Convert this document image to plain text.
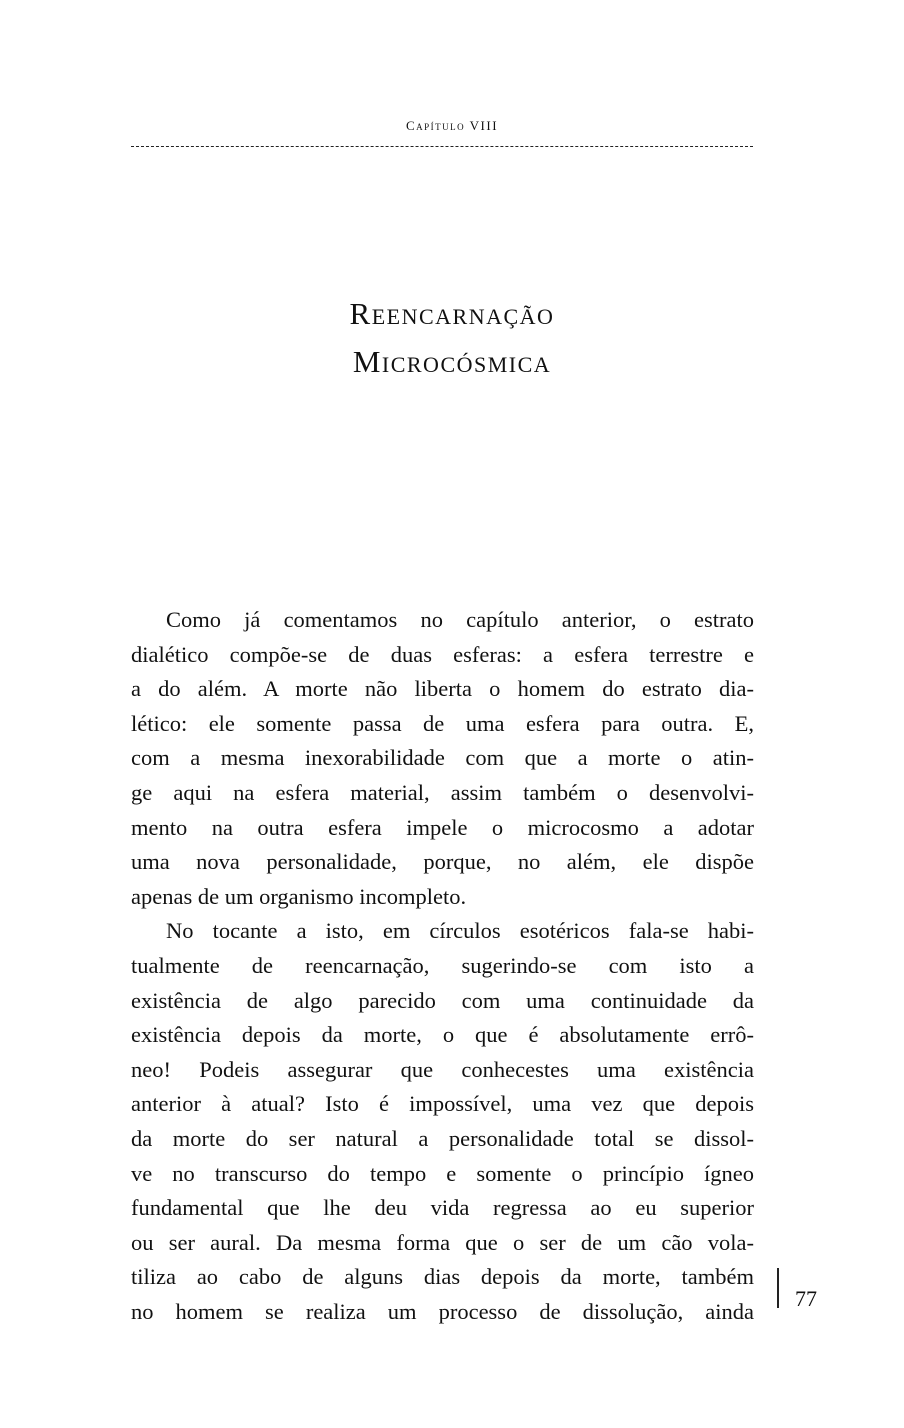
Capítulo VIII
Reencarnação
Microcósmica
Como já comentamos no capítulo anterior, o estrato
dialético compõe-se de duas esferas: a esfera terrestre e
a do além. A morte não liberta o homem do estrato dia-
lético: ele somente passa de uma esfera para outra. E,
com a mesma inexorabilidade com que a morte o atin-
ge aqui na esfera material, assim também o desenvolvi-
mento na outra esfera impele o microcosmo a adotar
uma nova personalidade, porque, no além, ele dispõe
apenas de um organismo incompleto.
No tocante a isto, em círculos esotéricos fala-se habi-
tualmente de reencarnação, sugerindo-se com isto a
existência de algo parecido com uma continuidade da
existência depois da morte, o que é absolutamente errô-
neo! Podeis assegurar que conhecestes uma existência
anterior à atual? Isto é impossível, uma vez que depois
da morte do ser natural a personalidade total se dissol-
ve no transcurso do tempo e somente o princípio ígneo
fundamental que lhe deu vida regressa ao eu superior
ou ser aural. Da mesma forma que o ser de um cão vola-
tiliza ao cabo de alguns dias depois da morte, também
no homem se realiza um processo de dissolução, ainda
77
